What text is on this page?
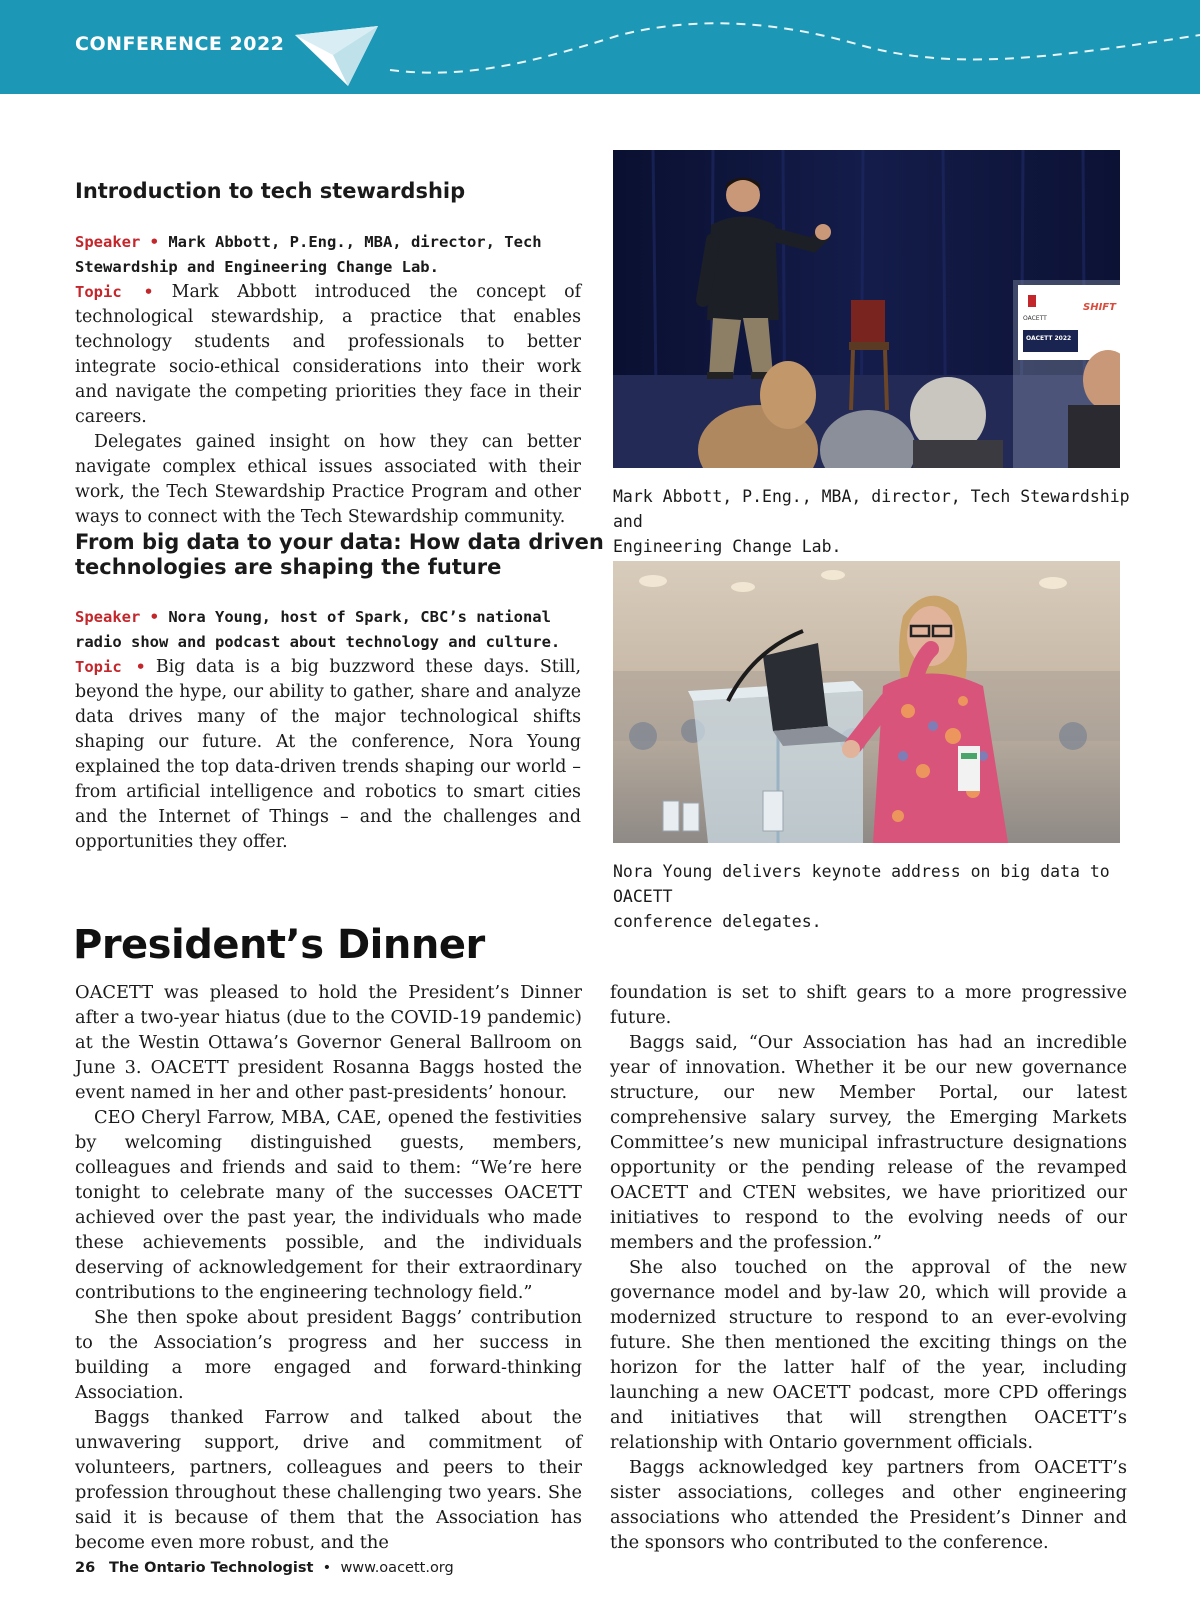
CONFERENCE 2022
Introduction to tech stewardship

Speaker • Mark Abbott, P.Eng., MBA, director, Tech Stewardship and Engineering Change Lab.

Topic • Mark Abbott introduced the concept of technological stewardship, a practice that enables technology students and professionals to better integrate socio-ethical considerations into their work and navigate the competing priorities they face in their careers.

Delegates gained insight on how they can better navigate complex ethical issues associated with their work, the Tech Stewardship Practice Program and other ways to connect with the Tech Stewardship community.

From big data to your data: How data driven
technologies are shaping the future

Speaker • Nora Young, host of Spark, CBC’s national radio show and podcast about technology and culture.

Topic • Big data is a big buzzword these days. Still, beyond the hype, our ability to gather, share and analyze data drives many of the major technological shifts shaping our future. At the conference, Nora Young explained the top data-driven trends shaping our world – from artificial intelligence and robotics to smart cities and the Internet of Things – and the challenges and opportunities they offer.

OACETT
OACETT 2022
SHIFT

Mark Abbott, P.Eng., MBA, director, Tech Stewardship and
Engineering Change Lab.

Nora Young delivers keynote address on big data to OACETT
conference delegates.

President’s Dinner

OACETT was pleased to hold the President’s Dinner after a two-year hiatus (due to the COVID-19 pandemic) at the Westin Ottawa’s Governor General Ballroom on June 3. OACETT president Rosanna Baggs hosted the event named in her and other past-presidents’ honour.

CEO Cheryl Farrow, MBA, CAE, opened the festivities by welcoming distinguished guests, members, colleagues and friends and said to them: “We’re here tonight to celebrate many of the successes OACETT achieved over the past year, the individuals who made these achievements possible, and the individuals deserving of acknowledgement for their extraordinary contributions to the engineering technology field.”

She then spoke about president Baggs’ contribution to the Association’s progress and her success in building a more engaged and forward-thinking Association.

Baggs thanked Farrow and talked about the unwavering support, drive and commitment of volunteers, partners, colleagues and peers to their profession throughout these challenging two years. She said it is because of them that the Association has become even more robust, and the

foundation is set to shift gears to a more progressive future.

Baggs said, “Our Association has had an incredible year of innovation. Whether it be our new governance structure, our new Member Portal, our latest comprehensive salary survey, the Emerging Markets Committee’s new municipal infrastructure designations opportunity or the pending release of the revamped OACETT and CTEN websites, we have prioritized our initiatives to respond to the evolving needs of our members and the profession.”

She also touched on the approval of the new governance model and by-law 20, which will provide a modernized structure to respond to an ever-evolving future. She then mentioned the exciting things on the horizon for the latter half of the year, including launching a new OACETT podcast, more CPD offerings and initiatives that will strengthen OACETT’s relationship with Ontario government officials.

Baggs acknowledged key partners from OACETT’s sister associations, colleges and other engineering associations who attended the President’s Dinner and the sponsors who contributed to the conference.

26 The Ontario Technologist • www.oacett.org
